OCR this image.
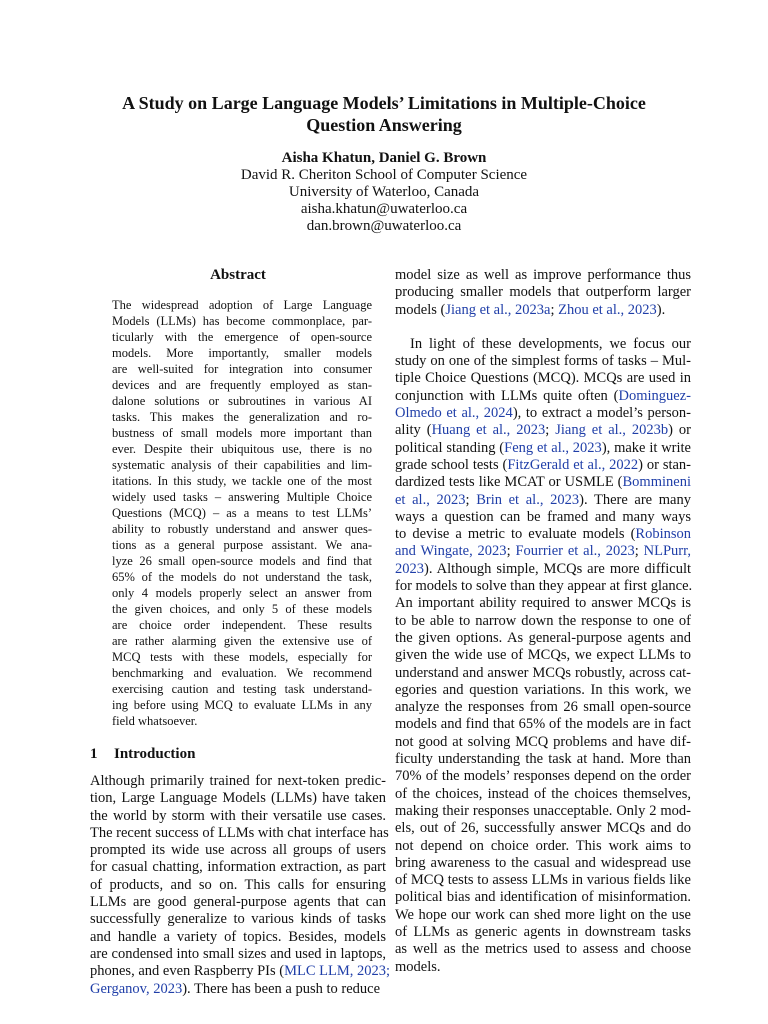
A Study on Large Language Models’ Limitations in Multiple-Choice
Question Answering
Aisha Khatun, Daniel G. Brown
David R. Cheriton School of Computer Science
University of Waterloo, Canada
aisha.khatun@uwaterloo.ca
dan.brown@uwaterloo.ca
Abstract
The widespread adoption of Large Language
Models (LLMs) has become commonplace, par-
ticularly with the emergence of open-source
models. More importantly, smaller models
are well-suited for integration into consumer
devices and are frequently employed as stan-
dalone solutions or subroutines in various AI
tasks. This makes the generalization and ro-
bustness of small models more important than
ever. Despite their ubiquitous use, there is no
systematic analysis of their capabilities and lim-
itations. In this study, we tackle one of the most
widely used tasks – answering Multiple Choice
Questions (MCQ) – as a means to test LLMs’
ability to robustly understand and answer ques-
tions as a general purpose assistant. We ana-
lyze 26 small open-source models and find that
65% of the models do not understand the task,
only 4 models properly select an answer from
the given choices, and only 5 of these models
are choice order independent. These results
are rather alarming given the extensive use of
MCQ tests with these models, especially for
benchmarking and evaluation. We recommend
exercising caution and testing task understand-
ing before using MCQ to evaluate LLMs in any
field whatsoever.
1 Introduction
Although primarily trained for next-token predic-
tion, Large Language Models (LLMs) have taken
the world by storm with their versatile use cases.
The recent success of LLMs with chat interface has
prompted its wide use across all groups of users
for casual chatting, information extraction, as part
of products, and so on. This calls for ensuring
LLMs are good general-purpose agents that can
successfully generalize to various kinds of tasks
and handle a variety of topics. Besides, models
are condensed into small sizes and used in laptops,
phones, and even Raspberry PIs (MLC LLM, 2023;
Gerganov, 2023). There has been a push to reduce
model size as well as improve performance thus
producing smaller models that outperform larger
models (Jiang et al., 2023a; Zhou et al., 2023).
In light of these developments, we focus our
study on one of the simplest forms of tasks – Mul-
tiple Choice Questions (MCQ). MCQs are used in
conjunction with LLMs quite often (Dominguez-
Olmedo et al., 2024), to extract a model’s person-
ality (Huang et al., 2023; Jiang et al., 2023b) or
political standing (Feng et al., 2023), make it write
grade school tests (FitzGerald et al., 2022) or stan-
dardized tests like MCAT or USMLE (Bommineni
et al., 2023; Brin et al., 2023). There are many
ways a question can be framed and many ways
to devise a metric to evaluate models (Robinson
and Wingate, 2023; Fourrier et al., 2023; NLPurr,
2023). Although simple, MCQs are more difficult
for models to solve than they appear at first glance.
An important ability required to answer MCQs is
to be able to narrow down the response to one of
the given options. As general-purpose agents and
given the wide use of MCQs, we expect LLMs to
understand and answer MCQs robustly, across cat-
egories and question variations. In this work, we
analyze the responses from 26 small open-source
models and find that 65% of the models are in fact
not good at solving MCQ problems and have dif-
ficulty understanding the task at hand. More than
70% of the models’ responses depend on the order
of the choices, instead of the choices themselves,
making their responses unacceptable. Only 2 mod-
els, out of 26, successfully answer MCQs and do
not depend on choice order. This work aims to
bring awareness to the casual and widespread use
of MCQ tests to assess LLMs in various fields like
political bias and identification of misinformation.
We hope our work can shed more light on the use
of LLMs as generic agents in downstream tasks
as well as the metrics used to assess and choose
models.
